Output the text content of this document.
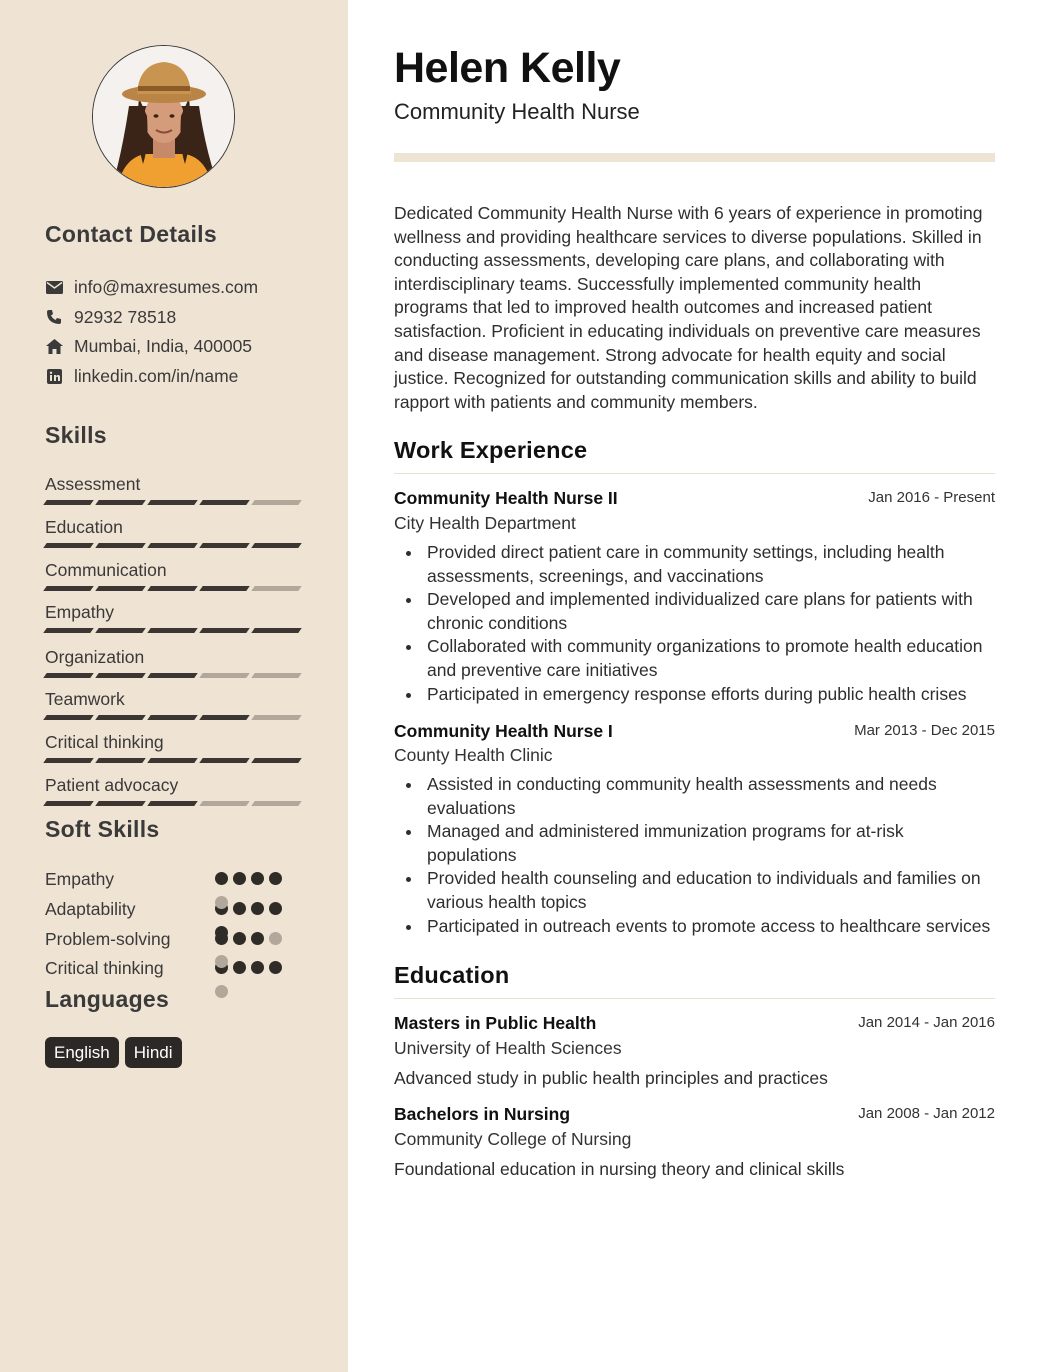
Contact Details
info@maxresumes.com
92932 78518
Mumbai, India, 400005
linkedin.com/in/name
Skills
Assessment
Education
Communication
Empathy
Organization
Teamwork
Critical thinking
Patient advocacy
Soft Skills
Empathy
Adaptability
Problem-solving
Critical thinking
Languages
English	Hindi
Helen Kelly
Community Health Nurse

Dedicated Community Health Nurse with 6 years of experience in promoting wellness and providing healthcare services to diverse populations. Skilled in conducting assessments, developing care plans, and collaborating with interdisciplinary teams. Successfully implemented community health programs that led to improved health outcomes and increased patient satisfaction. Proficient in educating individuals on preventive care measures and disease management. Strong advocate for health equity and social justice. Recognized for outstanding communication skills and ability to build rapport with patients and community members.

Work Experience
Community Health Nurse II	Jan 2016 - Present
City Health Department
Provided direct patient care in community settings, including health assessments, screenings, and vaccinations
Developed and implemented individualized care plans for patients with chronic conditions
Collaborated with community organizations to promote health education and preventive care initiatives
Participated in emergency response efforts during public health crises
Community Health Nurse I	Mar 2013 - Dec 2015
County Health Clinic
Assisted in conducting community health assessments and needs evaluations
Managed and administered immunization programs for at-risk populations
Provided health counseling and education to individuals and families on various health topics
Participated in outreach events to promote access to healthcare services
Education
Masters in Public Health	Jan 2014 - Jan 2016
University of Health Sciences
Advanced study in public health principles and practices
Bachelors in Nursing	Jan 2008 - Jan 2012
Community College of Nursing
Foundational education in nursing theory and clinical skills
